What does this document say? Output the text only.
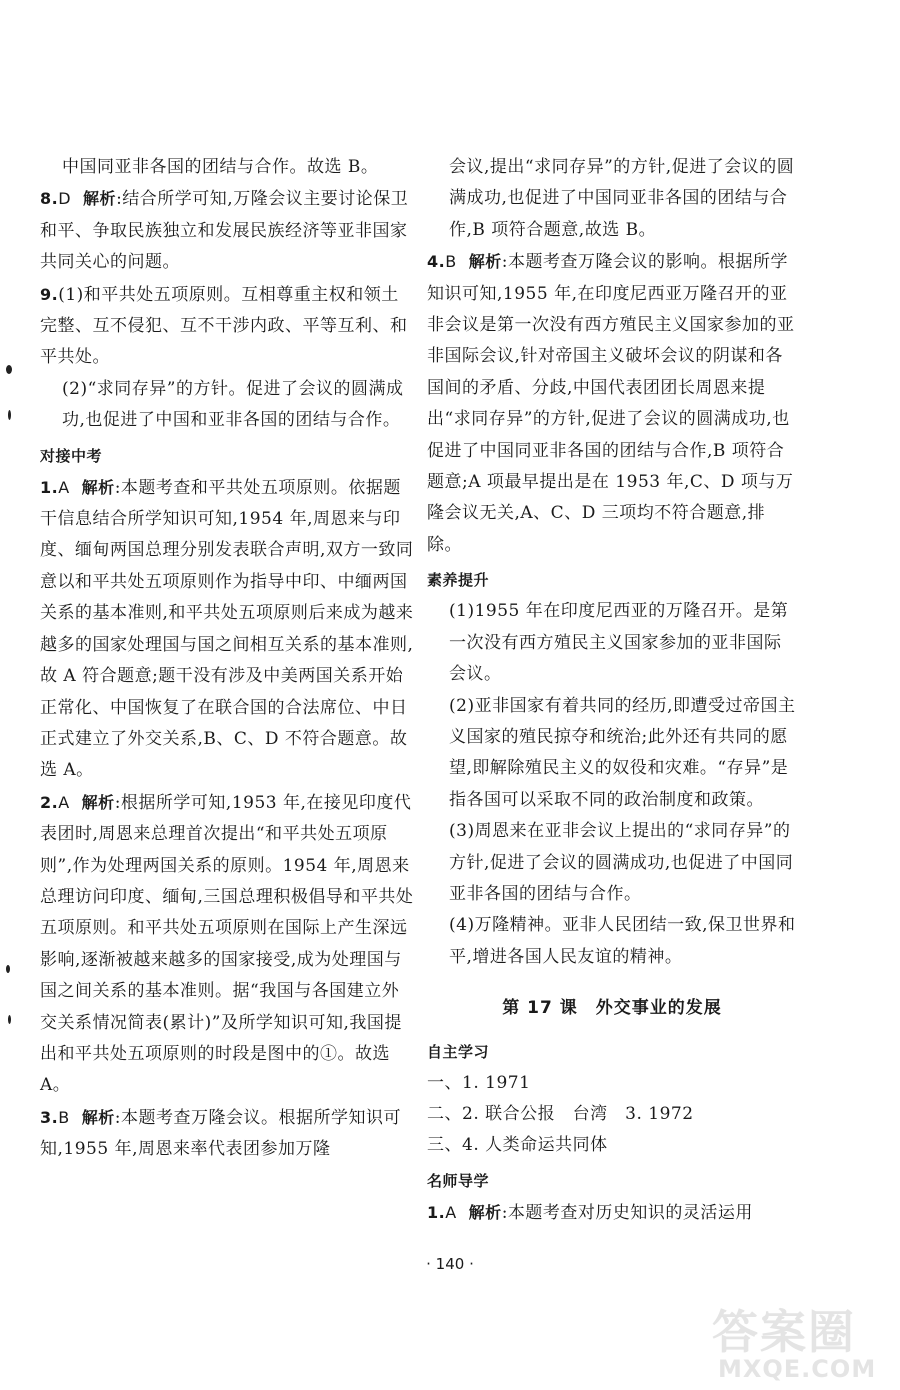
中国同亚非各国的团结与合作。故选 B。

8.D 解析:结合所学可知,万隆会议主要讨论保卫和平、争取民族独立和发展民族经济等亚非国家共同关心的问题。

9.(1)和平共处五项原则。互相尊重主权和领土完整、互不侵犯、互不干涉内政、平等互利、和平共处。

(2)“求同存异”的方针。促进了会议的圆满成功,也促进了中国和亚非各国的团结与合作。

对接中考

1.A 解析:本题考查和平共处五项原则。依据题干信息结合所学知识可知,1954 年,周恩来与印度、缅甸两国总理分别发表联合声明,双方一致同意以和平共处五项原则作为指导中印、中缅两国关系的基本准则,和平共处五项原则后来成为越来越多的国家处理国与国之间相互关系的基本准则,故 A 符合题意;题干没有涉及中美两国关系开始正常化、中国恢复了在联合国的合法席位、中日正式建立了外交关系,B、C、D 不符合题意。故选 A。

2.A 解析:根据所学可知,1953 年,在接见印度代表团时,周恩来总理首次提出“和平共处五项原则”,作为处理两国关系的原则。1954 年,周恩来总理访问印度、缅甸,三国总理积极倡导和平共处五项原则。和平共处五项原则在国际上产生深远影响,逐渐被越来越多的国家接受,成为处理国与国之间关系的基本准则。据“我国与各国建立外交关系情况简表(累计)”及所学知识可知,我国提出和平共处五项原则的时段是图中的①。故选 A。

3.B 解析:本题考查万隆会议。根据所学知识可知,1955 年,周恩来率代表团参加万隆

会议,提出“求同存异”的方针,促进了会议的圆满成功,也促进了中国同亚非各国的团结与合作,B 项符合题意,故选 B。

4.B 解析:本题考查万隆会议的影响。根据所学知识可知,1955 年,在印度尼西亚万隆召开的亚非会议是第一次没有西方殖民主义国家参加的亚非国际会议,针对帝国主义破坏会议的阴谋和各国间的矛盾、分歧,中国代表团团长周恩来提出“求同存异”的方针,促进了会议的圆满成功,也促进了中国同亚非各国的团结与合作,B 项符合题意;A 项最早提出是在 1953 年,C、D 项与万隆会议无关,A、C、D 三项均不符合题意,排除。

素养提升

(1)1955 年在印度尼西亚的万隆召开。是第一次没有西方殖民主义国家参加的亚非国际会议。

(2)亚非国家有着共同的经历,即遭受过帝国主义国家的殖民掠夺和统治;此外还有共同的愿望,即解除殖民主义的奴役和灾难。“存异”是指各国可以采取不同的政治制度和政策。

(3)周恩来在亚非会议上提出的“求同存异”的方针,促进了会议的圆满成功,也促进了中国同亚非各国的团结与合作。

(4)万隆精神。亚非人民团结一致,保卫世界和平,增进各国人民友谊的精神。

第 17 课　外交事业的发展

自主学习

一、1. 1971

二、2. 联合公报　台湾　3. 1972

三、4. 人类命运共同体

名师导学

1.A 解析:本题考查对历史知识的灵活运用

· 140 ·
答案圈
MXQE.COM
